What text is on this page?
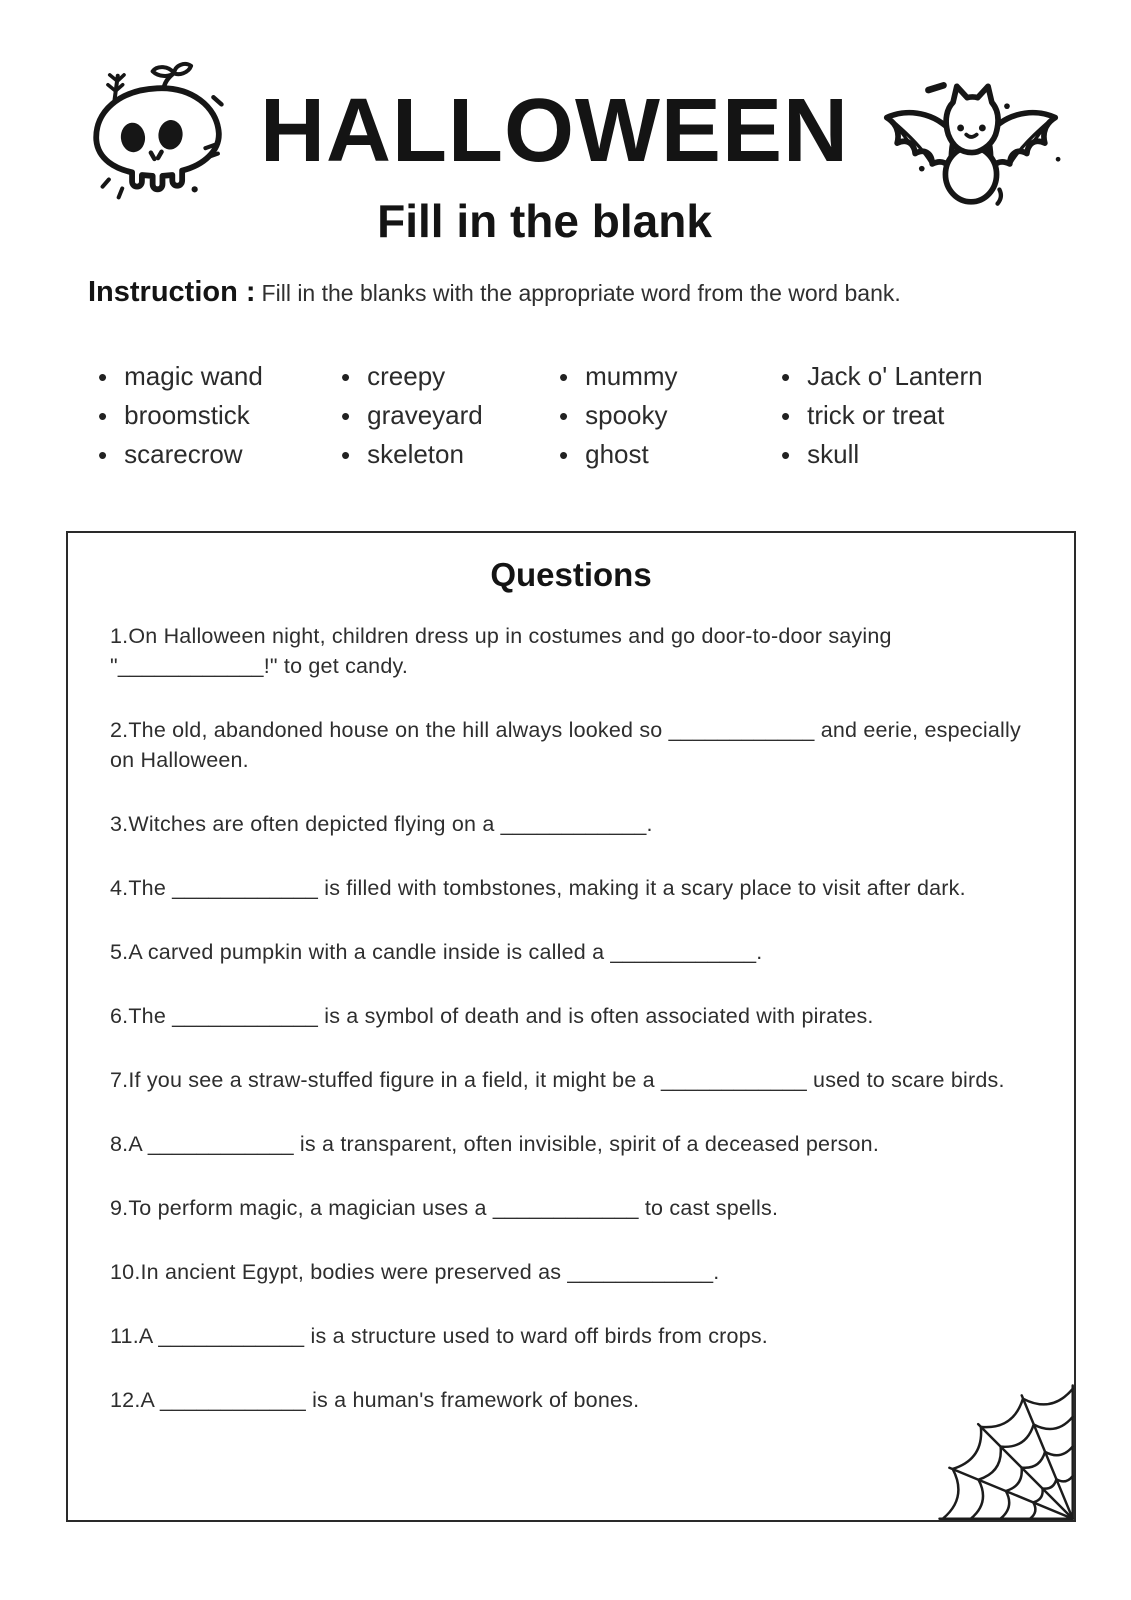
HALLOWEEN
Fill in the blank

Instruction : Fill in the blanks with the appropriate word from the word bank.

• magic wand
• broomstick
• scarecrow
• creepy
• graveyard
• skeleton
• mummy
• spooky
• ghost
• Jack o' Lantern
• trick or treat
• skull
Questions

1.On Halloween night, children dress up in costumes and go door-to-door saying "____________!" to get candy.

2.The old, abandoned house on the hill always looked so ____________ and eerie, especially on Halloween.

3.Witches are often depicted flying on a ____________.

4.The ____________ is filled with tombstones, making it a scary place to visit after dark.

5.A carved pumpkin with a candle inside is called a ____________.

6.The ____________ is a symbol of death and is often associated with pirates.

7.If you see a straw-stuffed figure in a field, it might be a ____________ used to scare birds.

8.A ____________ is a transparent, often invisible, spirit of a deceased person.

9.To perform magic, a magician uses a ____________ to cast spells.

10.In ancient Egypt, bodies were preserved as ____________.

11.A ____________ is a structure used to ward off birds from crops.

12.A ____________ is a human's framework of bones.
